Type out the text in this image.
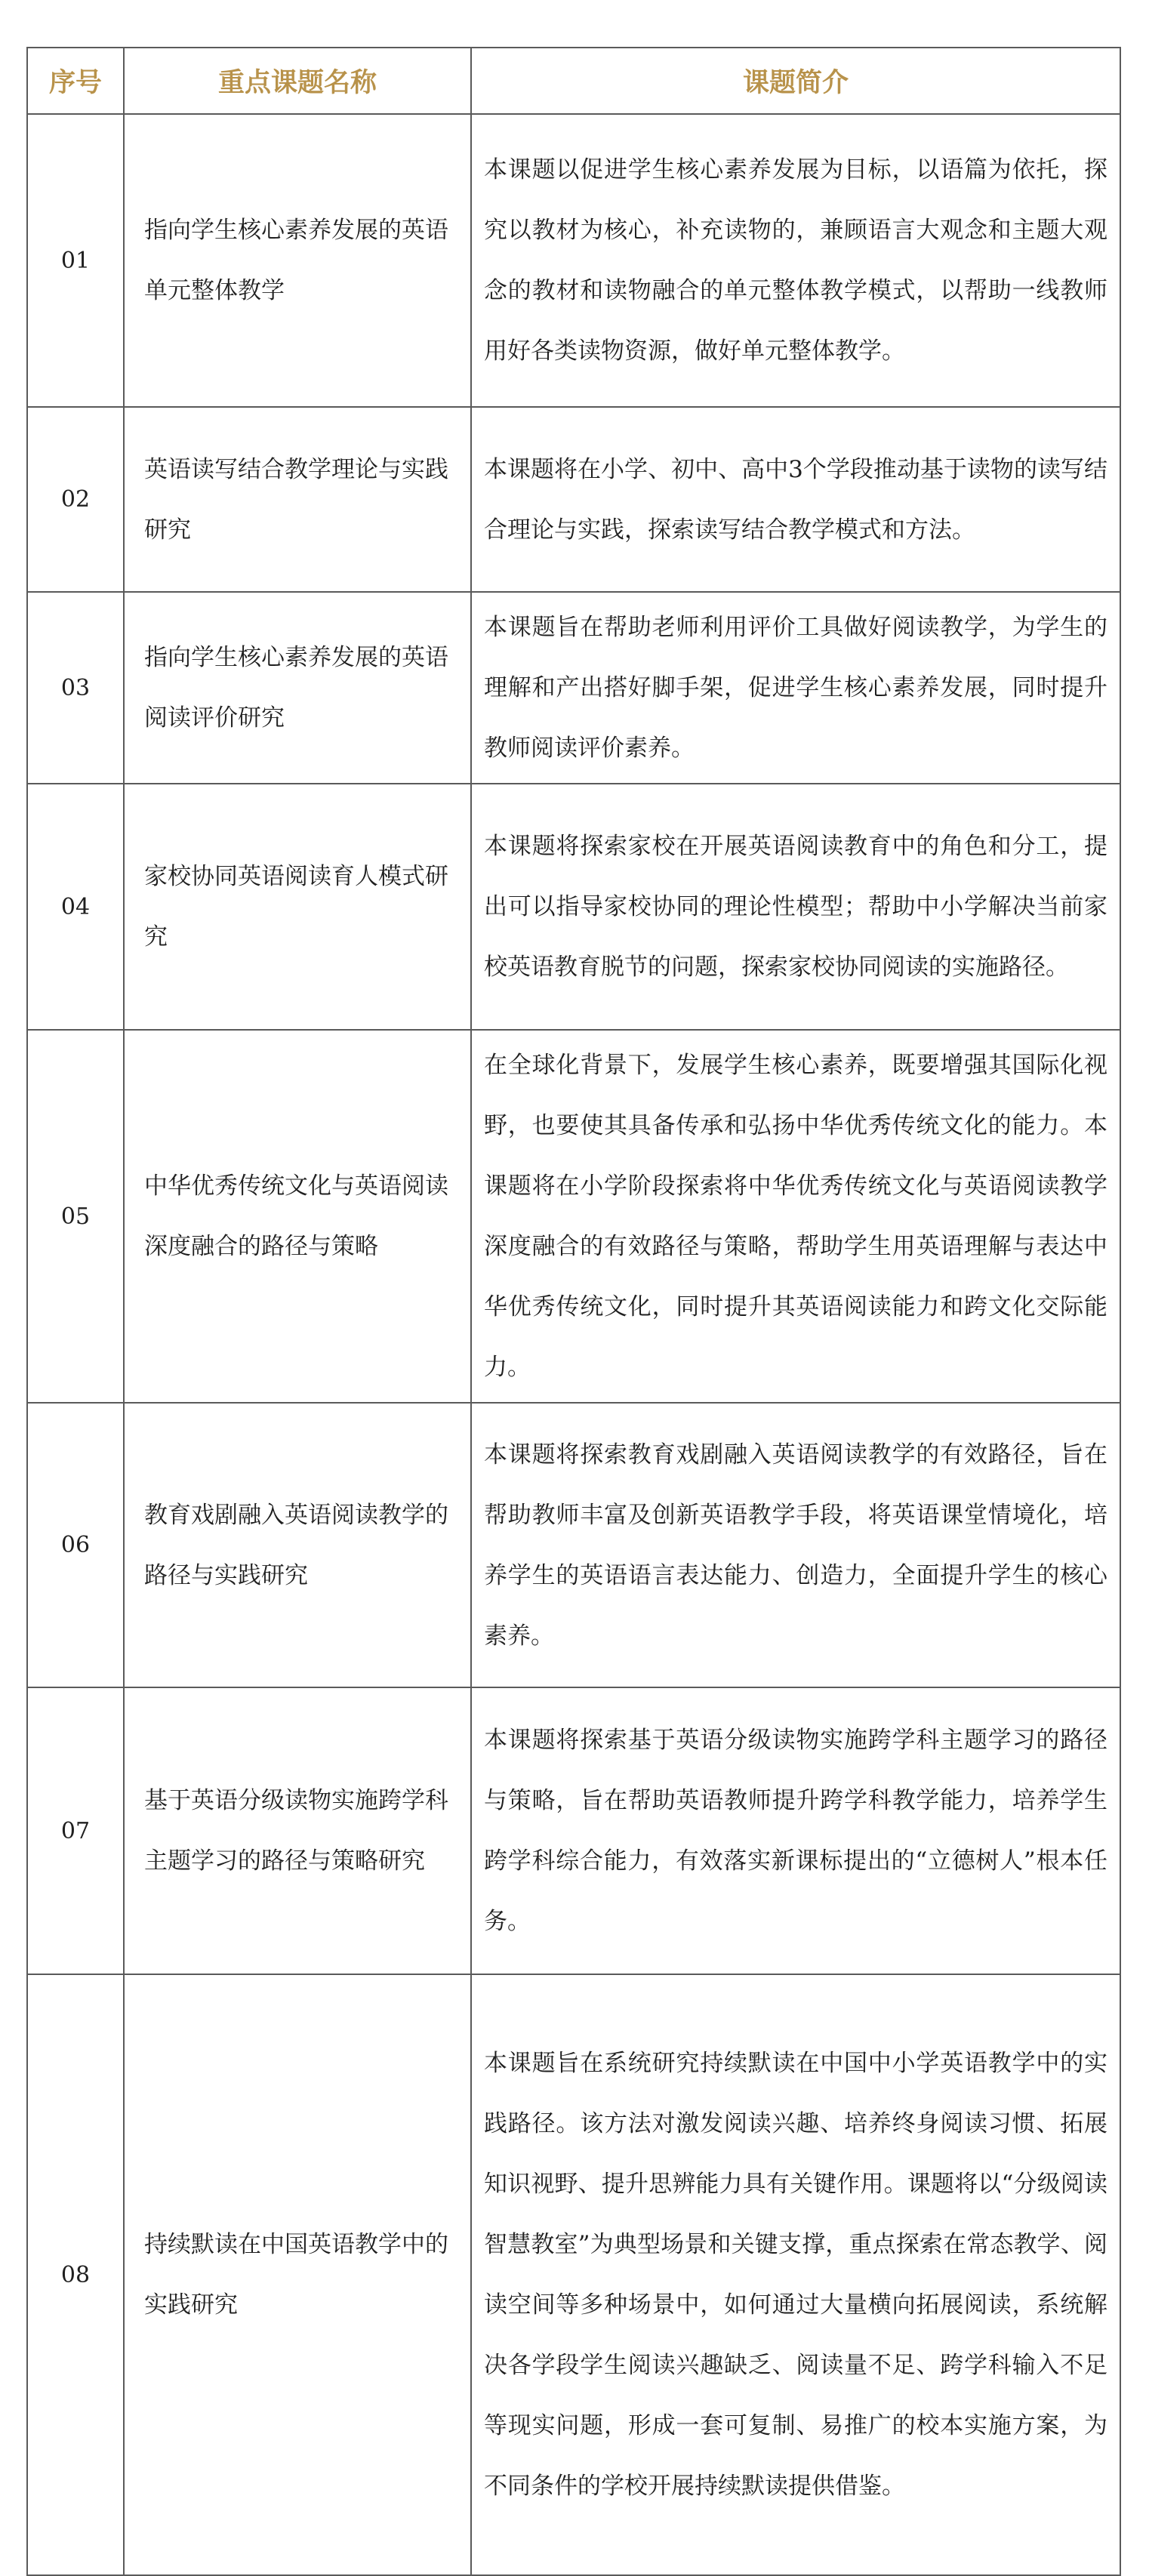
序号	重点课题名称	课题简介
01	指向学生核心素养发展的英语单元整体教学	本课题以促进学生核心素养发展为目标，以语篇为依托，探究以教材为核心，补充读物的，兼顾语言大观念和主题大观念的教材和读物融合的单元整体教学模式，以帮助一线教师用好各类读物资源，做好单元整体教学。
02	英语读写结合教学理论与实践研究	本课题将在小学、初中、高中3个学段推动基于读物的读写结合理论与实践，探索读写结合教学模式和方法。
03	指向学生核心素养发展的英语阅读评价研究	本课题旨在帮助老师利用评价工具做好阅读教学，为学生的理解和产出搭好脚手架，促进学生核心素养发展，同时提升教师阅读评价素养。
04	家校协同英语阅读育人模式研究	本课题将探索家校在开展英语阅读教育中的角色和分工，提出可以指导家校协同的理论性模型；帮助中小学解决当前家校英语教育脱节的问题，探索家校协同阅读的实施路径。
05	中华优秀传统文化与英语阅读深度融合的路径与策略	在全球化背景下，发展学生核心素养，既要增强其国际化视野，也要使其具备传承和弘扬中华优秀传统文化的能力。本课题将在小学阶段探索将中华优秀传统文化与英语阅读教学深度融合的有效路径与策略，帮助学生用英语理解与表达中华优秀传统文化，同时提升其英语阅读能力和跨文化交际能力。
06	教育戏剧融入英语阅读教学的路径与实践研究	本课题将探索教育戏剧融入英语阅读教学的有效路径，旨在帮助教师丰富及创新英语教学手段，将英语课堂情境化，培养学生的英语语言表达能力、创造力，全面提升学生的核心素养。
07	基于英语分级读物实施跨学科主题学习的路径与策略研究	本课题将探索基于英语分级读物实施跨学科主题学习的路径与策略，旨在帮助英语教师提升跨学科教学能力，培养学生跨学科综合能力，有效落实新课标提出的“立德树人”根本任务。
08	持续默读在中国英语教学中的实践研究	本课题旨在系统研究持续默读在中国中小学英语教学中的实践路径。该方法对激发阅读兴趣、培养终身阅读习惯、拓展知识视野、提升思辨能力具有关键作用。课题将以“分级阅读智慧教室”为典型场景和关键支撑，重点探索在常态教学、阅读空间等多种场景中，如何通过大量横向拓展阅读，系统解决各学段学生阅读兴趣缺乏、阅读量不足、跨学科输入不足等现实问题，形成一套可复制、易推广的校本实施方案，为不同条件的学校开展持续默读提供借鉴。
